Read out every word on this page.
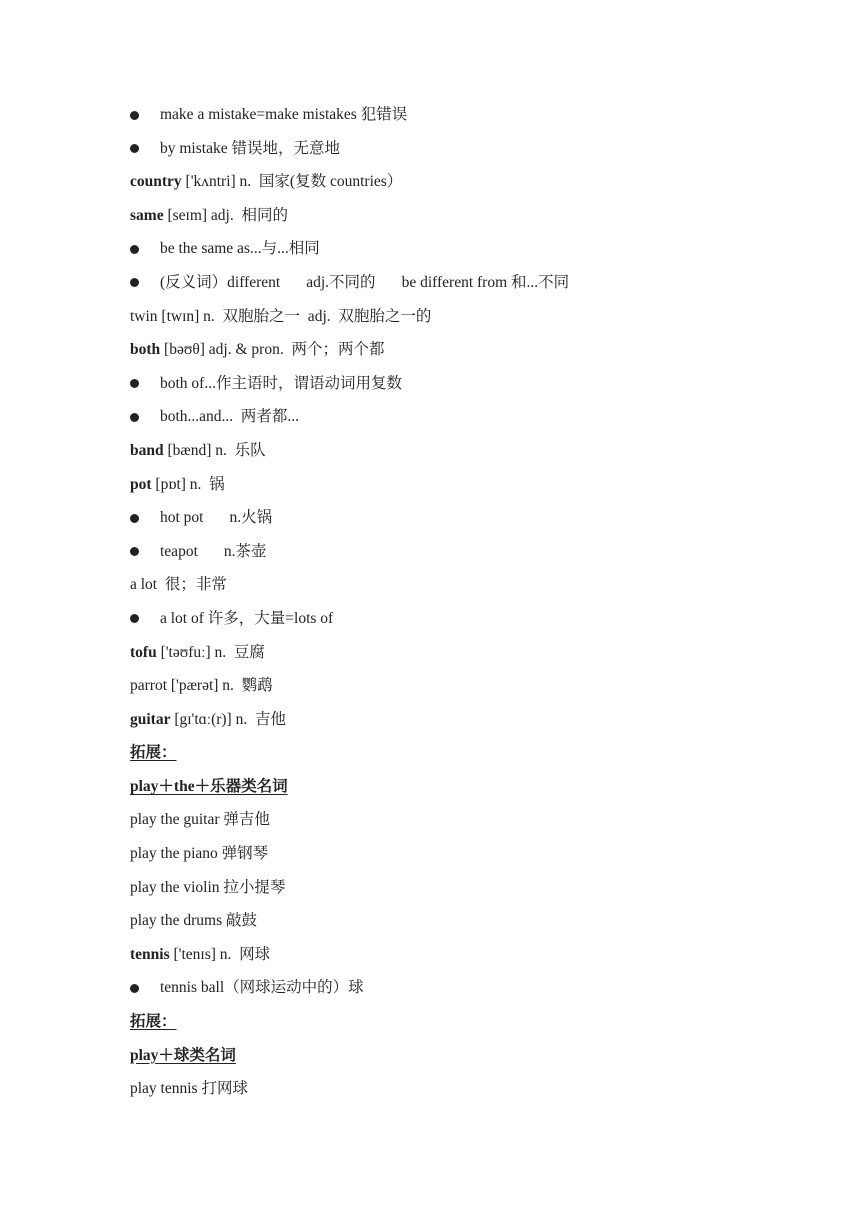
make a mistake=make mistakes 犯错误
by mistake 错误地，无意地
country ['kʌntri] n.  国家(复数 countries）
same [seɪm] adj.  相同的
be the same as...与...相同
(反义词）different adj.不同的 be different from 和...不同
twin [twɪn] n.  双胞胎之一  adj.  双胞胎之一的
both [bəʊθ] adj. & pron.  两个；两个都
both of...作主语时，谓语动词用复数
both...and...  两者都...
band [bænd] n.  乐队
pot [pɒt] n.  锅
hot pot n.火锅
teapot n.茶壶
a lot  很；非常
a lot of 许多，大量=lots of
tofu ['təʊfuː] n.  豆腐
parrot ['pærət] n.  鹦鹉
guitar [gɪ'tɑː(r)] n.  吉他
拓展：
play＋the＋乐器类名词
play the guitar 弹吉他
play the piano 弹钢琴
play the violin 拉小提琴
play the drums 敲鼓
tennis ['tenɪs] n.  网球
tennis ball（网球运动中的）球
拓展：
play＋球类名词
play tennis 打网球
